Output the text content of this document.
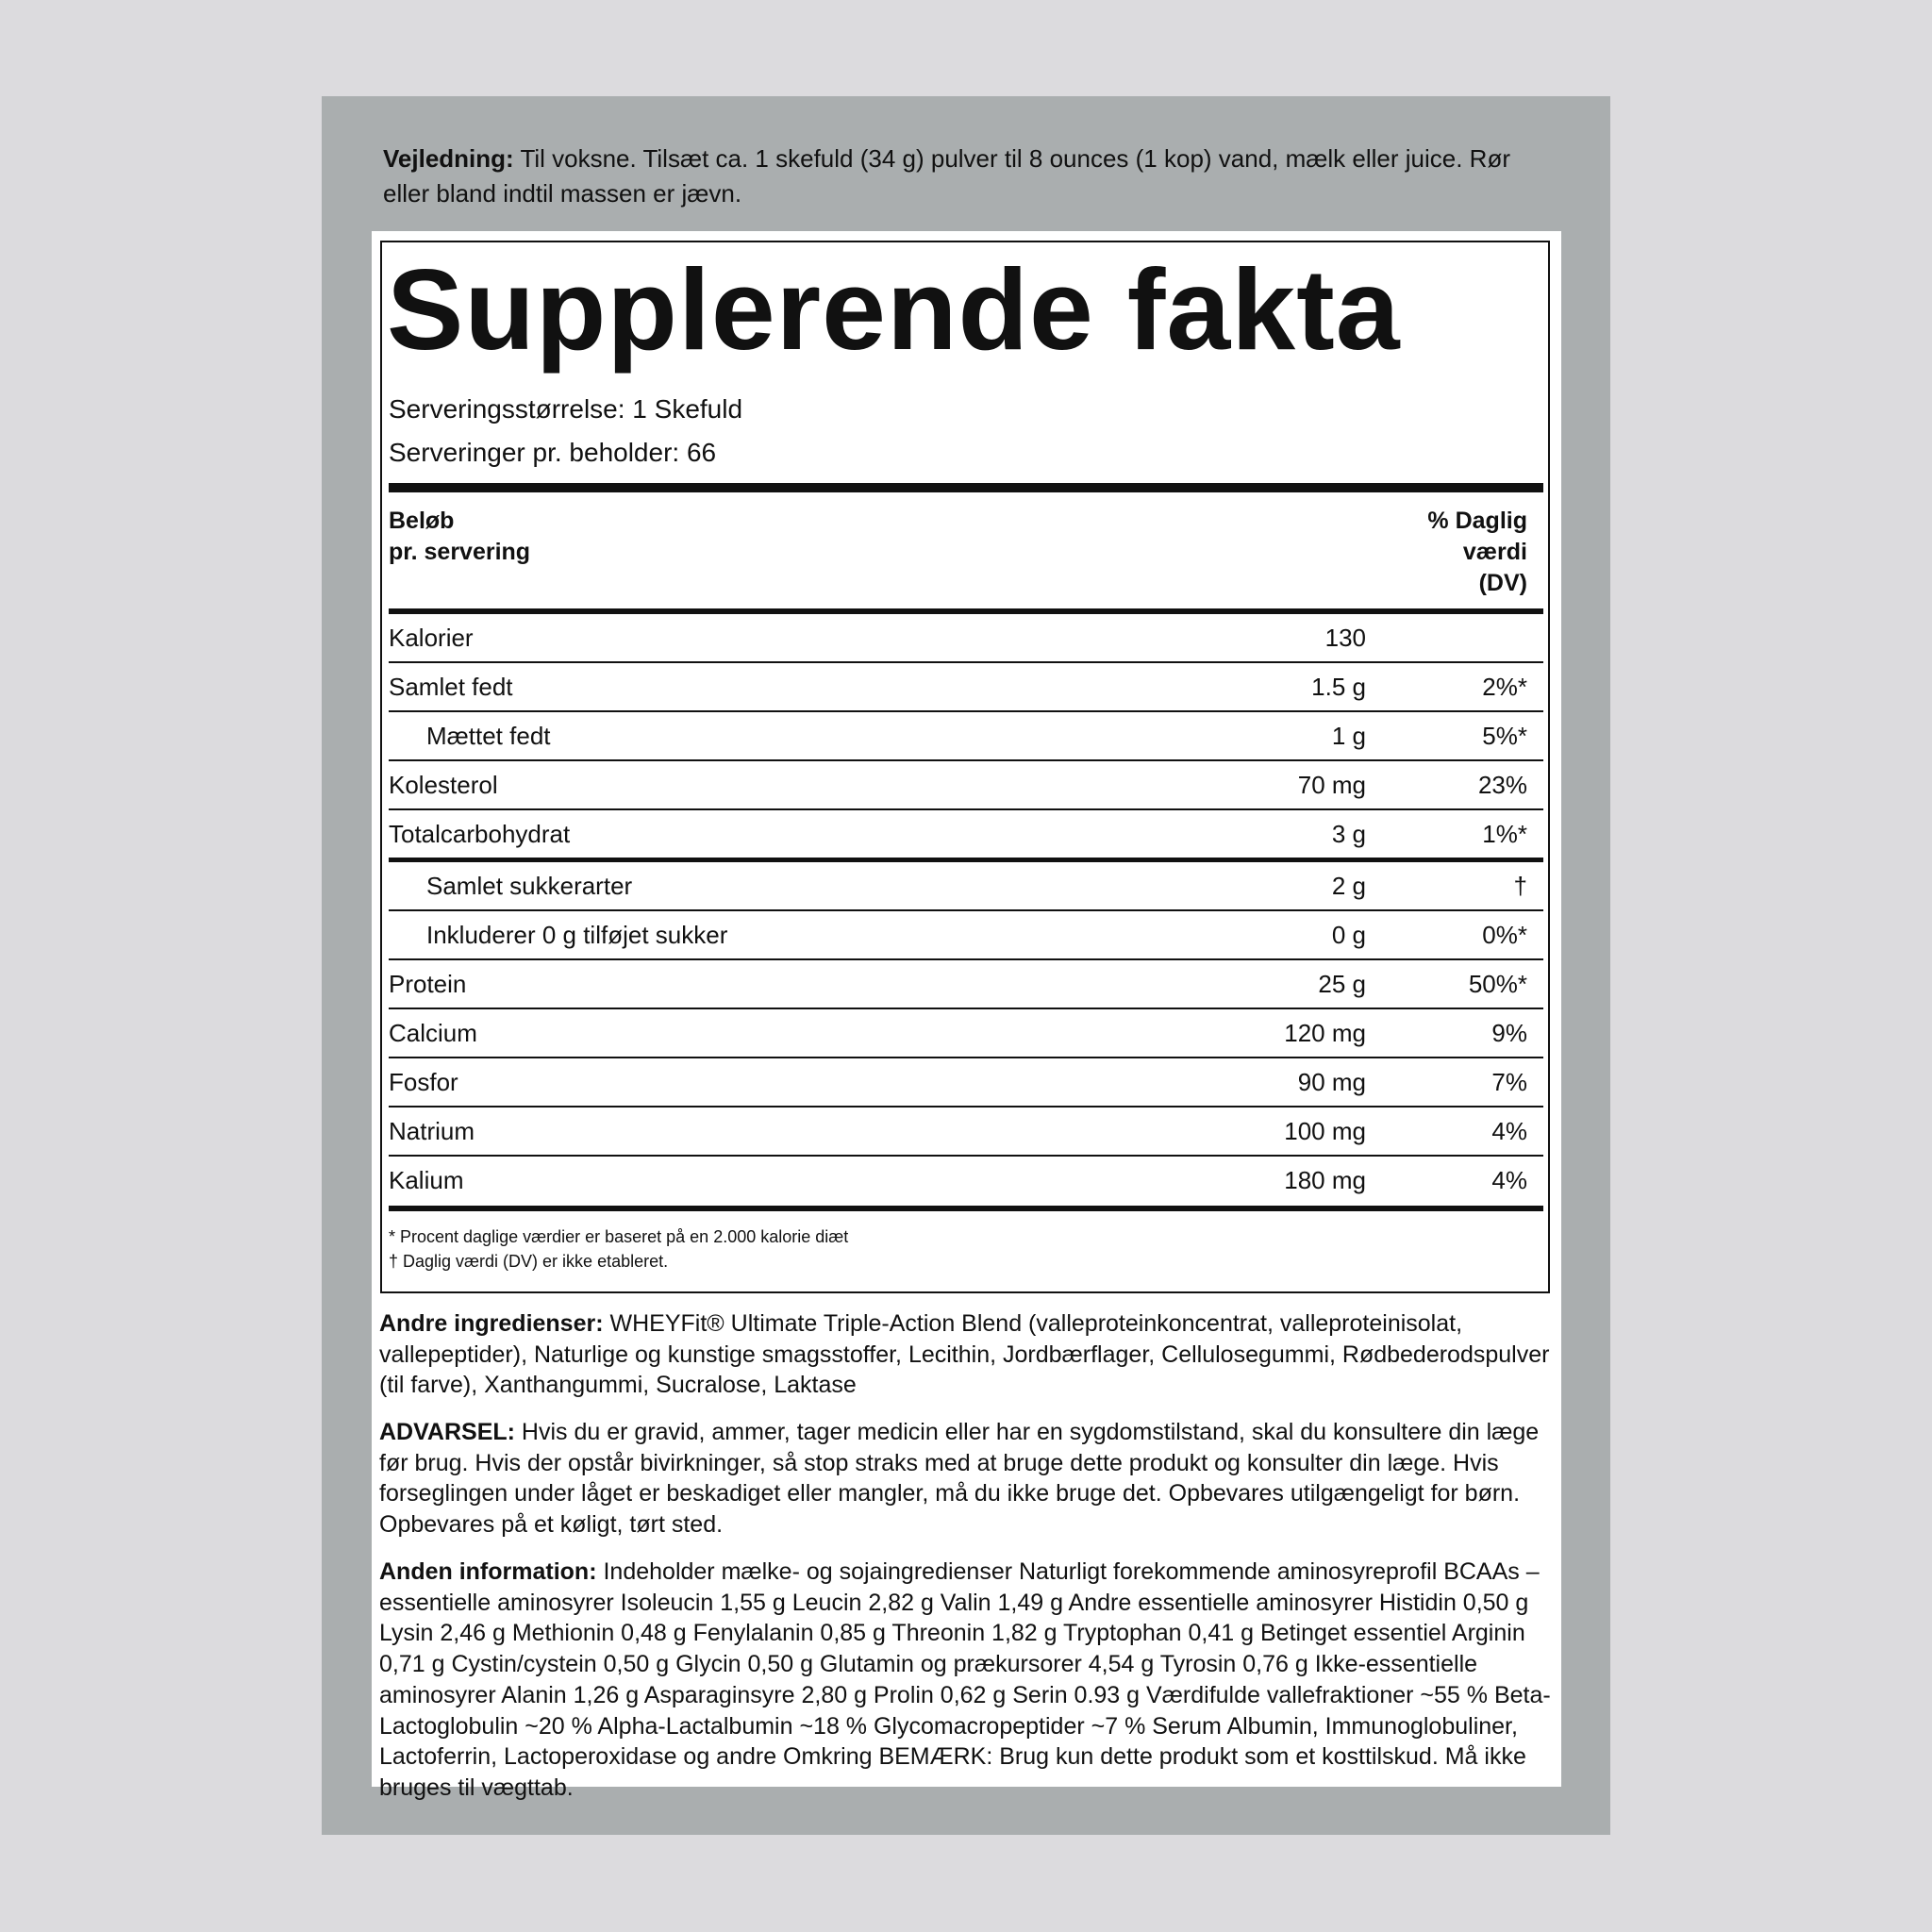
Vejledning: Til voksne. Tilsæt ca. 1 skefuld (34 g) pulver til 8 ounces (1 kop) vand, mælk eller juice. Rør eller bland indtil massen er jævn.
Supplerende fakta
Serveringsstørrelse: 1 Skefuld
Serveringer pr. beholder: 66
Beløb
pr. servering
% Daglig
værdi
(DV)
Kalorier	130
Samlet fedt	1.5 g	2%*
Mættet fedt	1 g	5%*
Kolesterol	70 mg	23%
Totalcarbohydrat	3 g	1%*
Samlet sukkerarter	2 g	†
Inkluderer 0 g tilføjet sukker	0 g	0%*
Protein	25 g	50%*
Calcium	120 mg	9%
Fosfor	90 mg	7%
Natrium	100 mg	4%
Kalium	180 mg	4%
* Procent daglige værdier er baseret på en 2.000 kalorie diæt
† Daglig værdi (DV) er ikke etableret.
Andre ingredienser: WHEYFit® Ultimate Triple-Action Blend (valleproteinkoncentrat, valleproteinisolat, vallepeptider), Naturlige og kunstige smagsstoffer, Lecithin, Jordbærflager, Cellulosegummi, Rødbederodspulver (til farve), Xanthangummi, Sucralose, Laktase
ADVARSEL: Hvis du er gravid, ammer, tager medicin eller har en sygdomstilstand, skal du konsultere din læge før brug. Hvis der opstår bivirkninger, så stop straks med at bruge dette produkt og konsulter din læge. Hvis forseglingen under låget er beskadiget eller mangler, må du ikke bruge det. Opbevares utilgængeligt for børn. Opbevares på et køligt, tørt sted.
Anden information: Indeholder mælke- og sojaingredienser Naturligt forekommende aminosyreprofil BCAAs – essentielle aminosyrer Isoleucin 1,55 g Leucin 2,82 g Valin 1,49 g Andre essentielle aminosyrer Histidin 0,50 g Lysin 2,46 g Methionin 0,48 g Fenylalanin 0,85 g Threonin 1,82 g Tryptophan 0,41 g Betinget essentiel Arginin 0,71 g Cystin/cystein 0,50 g Glycin 0,50 g Glutamin og prækursorer 4,54 g Tyrosin 0,76 g Ikke-essentielle aminosyrer Alanin 1,26 g Asparaginsyre 2,80 g Prolin 0,62 g Serin 0.93 g Værdifulde vallefraktioner ~55 % Beta-Lactoglobulin ~20 % Alpha-Lactalbumin ~18 % Glycomacropeptider ~7 % Serum Albumin, Immunoglobuliner, Lactoferrin, Lactoperoxidase og andre Omkring BEMÆRK: Brug kun dette produkt som et kosttilskud. Må ikke bruges til vægttab.
